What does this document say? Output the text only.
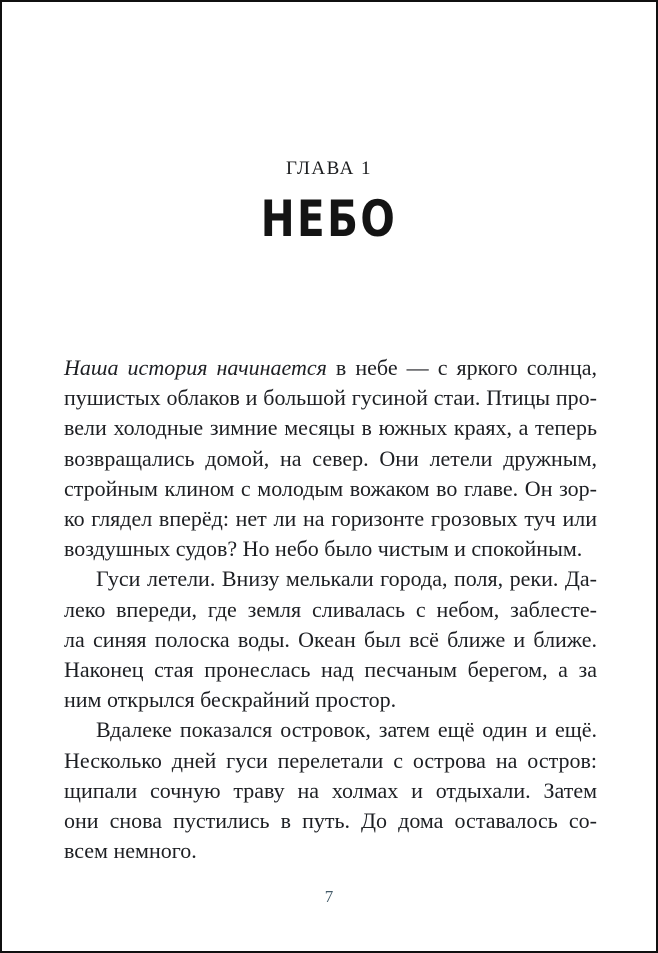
ГЛАВА 1
НЕБО
Наша история начинается в небе — с яркого солнца,
пушистых облаков и большой гусиной стаи. Птицы про-
вели холодные зимние месяцы в южных краях, а теперь
возвращались домой, на север. Они летели дружным,
стройным клином с молодым вожаком во главе. Он зор-
ко глядел вперёд: нет ли на горизонте грозовых туч или
воздушных судов? Но небо было чистым и спокойным.
Гуси летели. Внизу мелькали города, поля, реки. Да-
леко впереди, где земля сливалась с небом, заблесте-
ла синяя полоска воды. Океан был всё ближе и ближе.
Наконец стая пронеслась над песчаным берегом, а за
ним открылся бескрайний простор.
Вдалеке показался островок, затем ещё один и ещё.
Несколько дней гуси перелетали с острова на остров:
щипали сочную траву на холмах и отдыхали. Затем
они снова пустились в путь. До дома оставалось со-
всем немного.
7
